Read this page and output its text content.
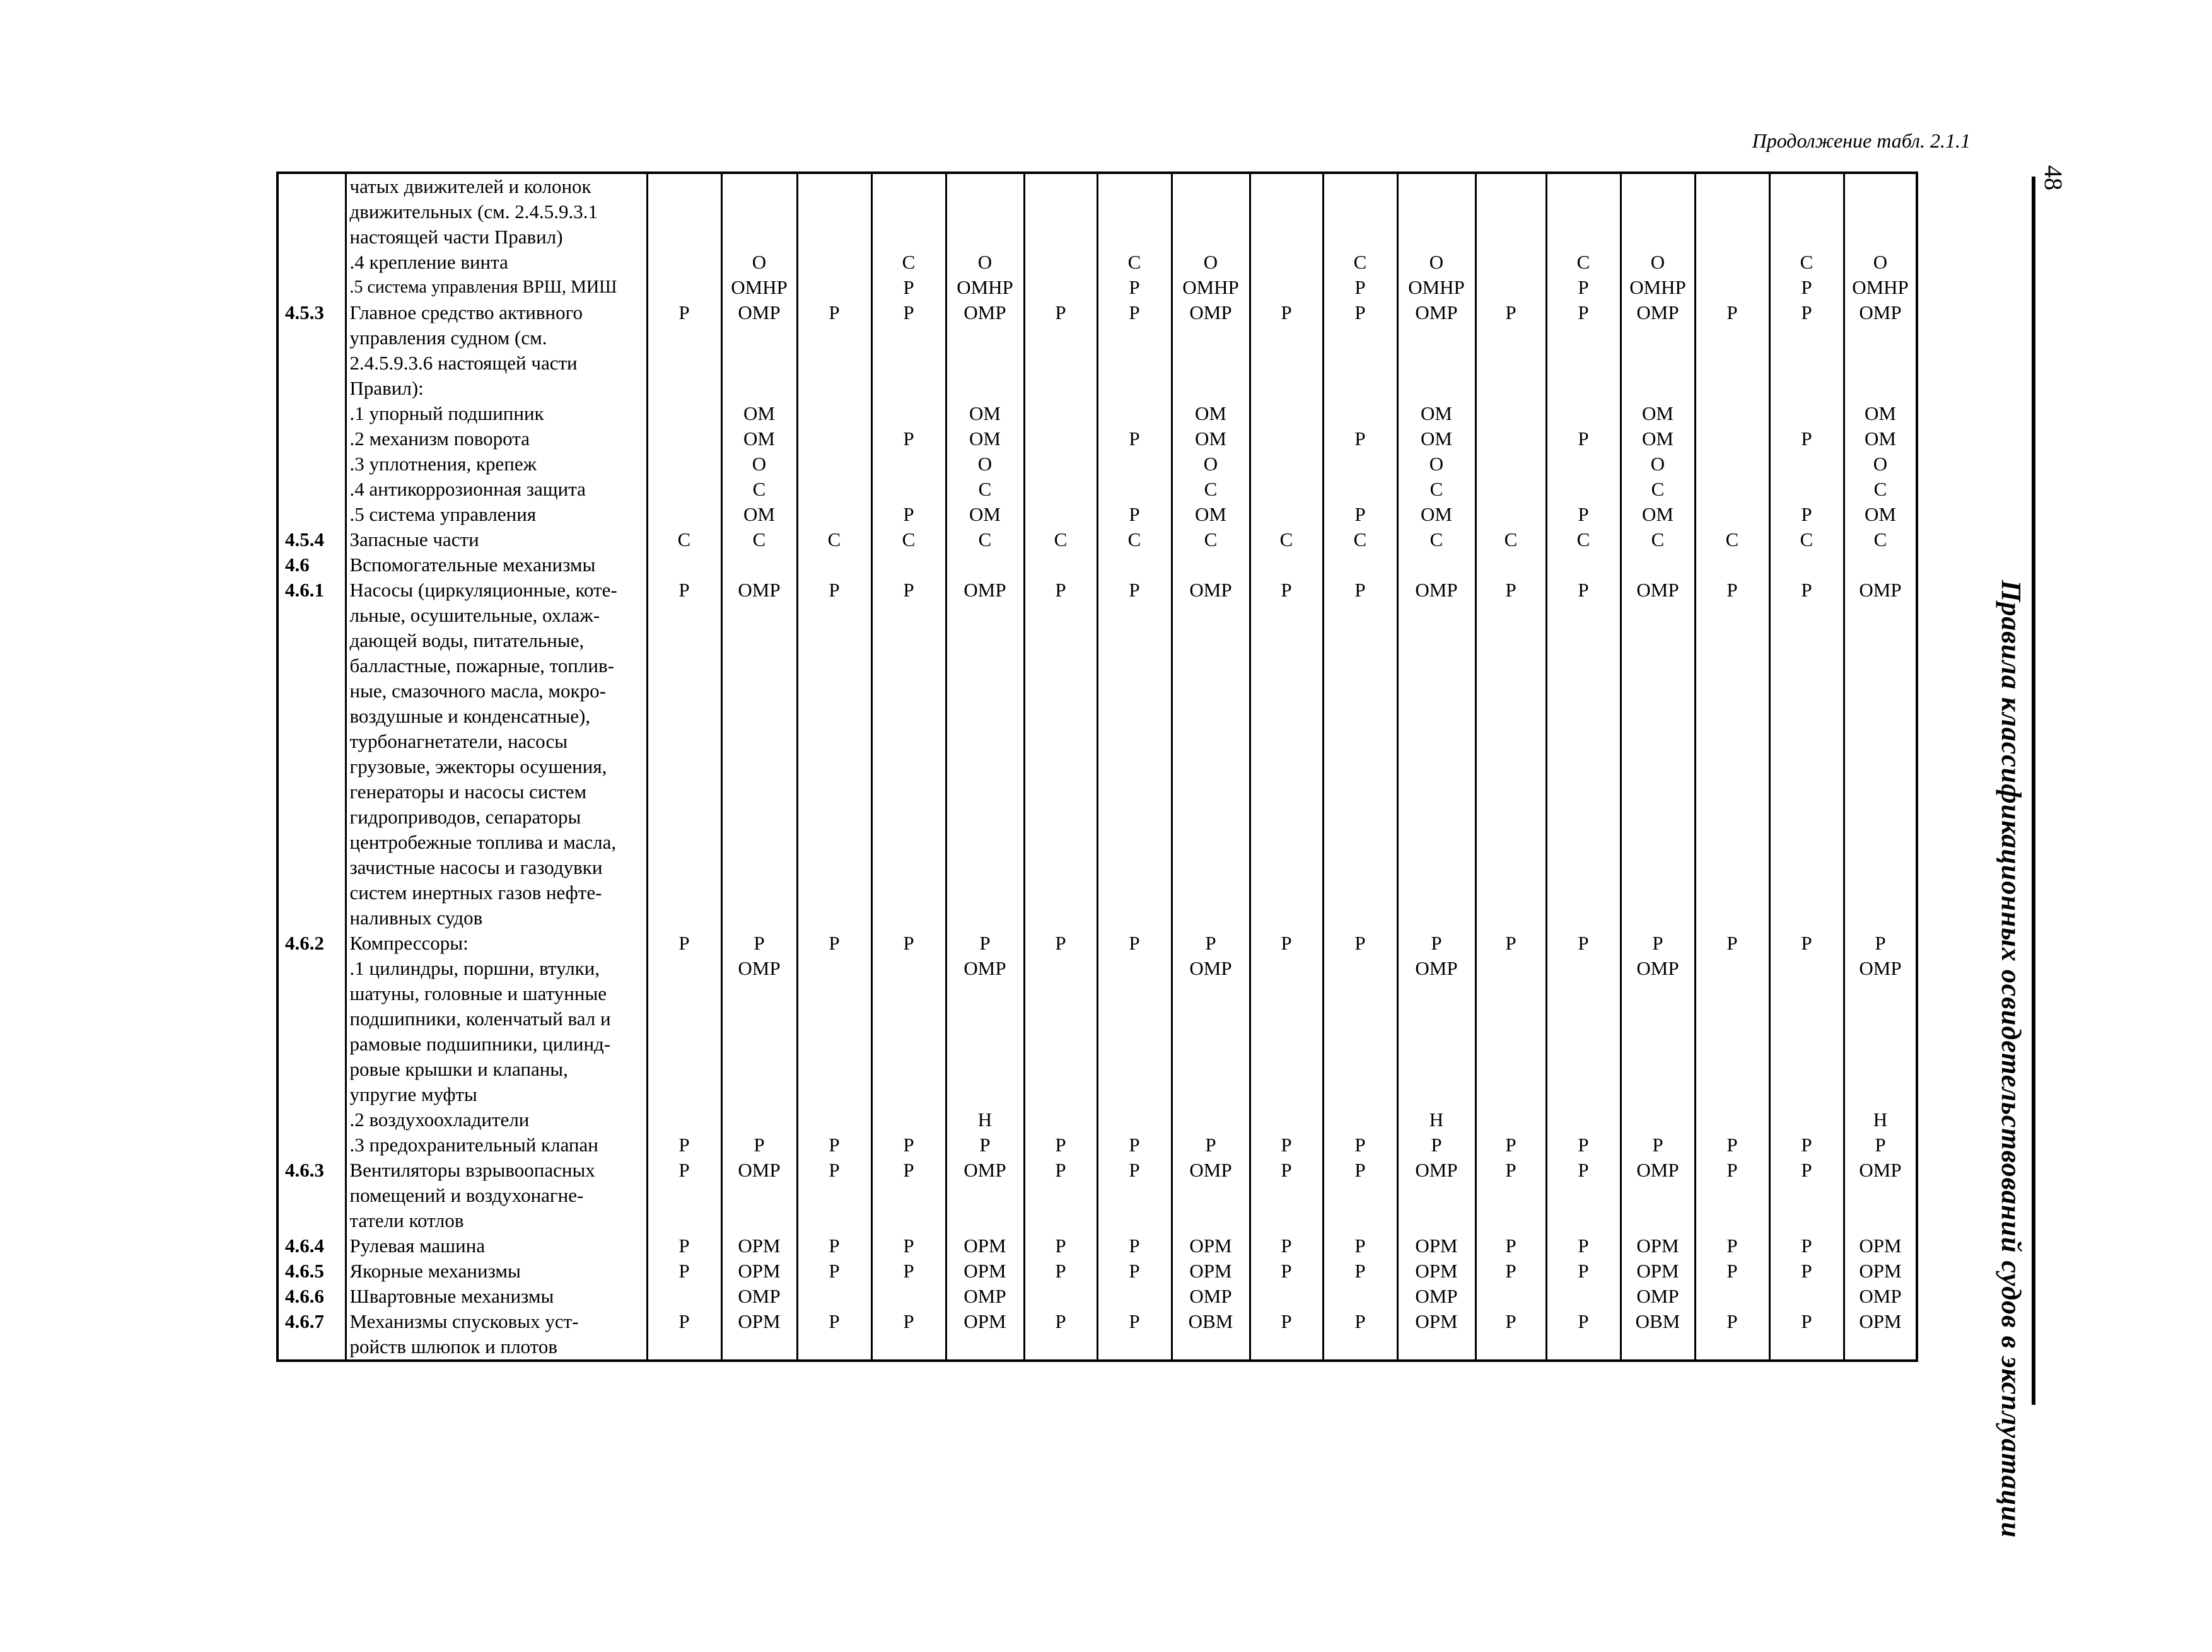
Продолжение табл. 2.1.1
48
Правила классификационных освидетельствований судов в эксплуатации
	чатых движителей и колонок																		
	движительных (см. 2.4.5.9.3.1																		
	настоящей части Правил)																		
	.4 крепление винта		О		С	О		С	О		С	О		С	О		С	О	
	.5 система управления ВРШ, МИШ		ОМНР		Р	ОМНР		Р	ОМНР		Р	ОМНР		Р	ОМНР		Р	ОМНР	
4.5.3	Главное средство активного	Р	ОМР	Р	Р	ОМР	Р	Р	ОМР	Р	Р	ОМР	Р	Р	ОМР	Р	Р	ОМР	
	управления судном (см.																		
	2.4.5.9.3.6 настоящей части																		
	Правил):																		
	.1 упорный подшипник		ОМ			ОМ			ОМ			ОМ			ОМ			ОМ	
	.2 механизм поворота		ОМ		Р	ОМ		Р	ОМ		Р	ОМ		Р	ОМ		Р	ОМ	
	.3 уплотнения, крепеж		О			О			О			О			О			О	
	.4 антикоррозионная защита		С			С			С			С			С			С	
	.5 система управления		ОМ		Р	ОМ		Р	ОМ		Р	ОМ		Р	ОМ		Р	ОМ	
4.5.4	Запасные части	С	С	С	С	С	С	С	С	С	С	С	С	С	С	С	С	С	
4.6	Вспомогательные механизмы																		
4.6.1	Насосы (циркуляционные, коте-	Р	ОМР	Р	Р	ОМР	Р	Р	ОМР	Р	Р	ОМР	Р	Р	ОМР	Р	Р	ОМР	
	льные, осушительные, охлаж-																		
	дающей воды, питательные,																		
	балластные, пожарные, топлив-																		
	ные, смазочного масла, мокро-																		
	воздушные и конденсатные),																		
	турбонагнетатели, насосы																		
	грузовые, эжекторы осушения,																		
	генераторы и насосы систем																		
	гидроприводов, сепараторы																		
	центробежные топлива и масла,																		
	зачистные насосы и газодувки																		
	систем инертных газов нефте-																		
	наливных судов																		
4.6.2	Компрессоры:	Р	Р	Р	Р	Р	Р	Р	Р	Р	Р	Р	Р	Р	Р	Р	Р	Р	
	.1 цилиндры, поршни, втулки,		ОМР			ОМР			ОМР			ОМР			ОМР			ОМР	
	шатуны, головные и шатунные																		
	подшипники, коленчатый вал и																		
	рамовые подшипники, цилинд-																		
	ровые крышки и клапаны,																		
	упругие муфты																		
	.2 воздухоохладители					Н						Н						Н	
	.3 предохранительный клапан	Р	Р	Р	Р	Р	Р	Р	Р	Р	Р	Р	Р	Р	Р	Р	Р	Р	
4.6.3	Вентиляторы взрывоопасных	Р	ОМР	Р	Р	ОМР	Р	Р	ОМР	Р	Р	ОМР	Р	Р	ОМР	Р	Р	ОМР	
	помещений и воздухонагне-																		
	татели котлов																		
4.6.4	Рулевая машина	Р	ОРМ	Р	Р	ОРМ	Р	Р	ОРМ	Р	Р	ОРМ	Р	Р	ОРМ	Р	Р	ОРМ	
4.6.5	Якорные механизмы	Р	ОРМ	Р	Р	ОРМ	Р	Р	ОРМ	Р	Р	ОРМ	Р	Р	ОРМ	Р	Р	ОРМ	
4.6.6	Швартовные механизмы		ОМР			ОМР			ОМР			ОМР			ОМР			ОМР	
4.6.7	Механизмы спусковых уст-	Р	ОРМ	Р	Р	ОРМ	Р	Р	ОВМ	Р	Р	ОРМ	Р	Р	ОВМ	Р	Р	ОРМ	
	ройств шлюпок и плотов																		
